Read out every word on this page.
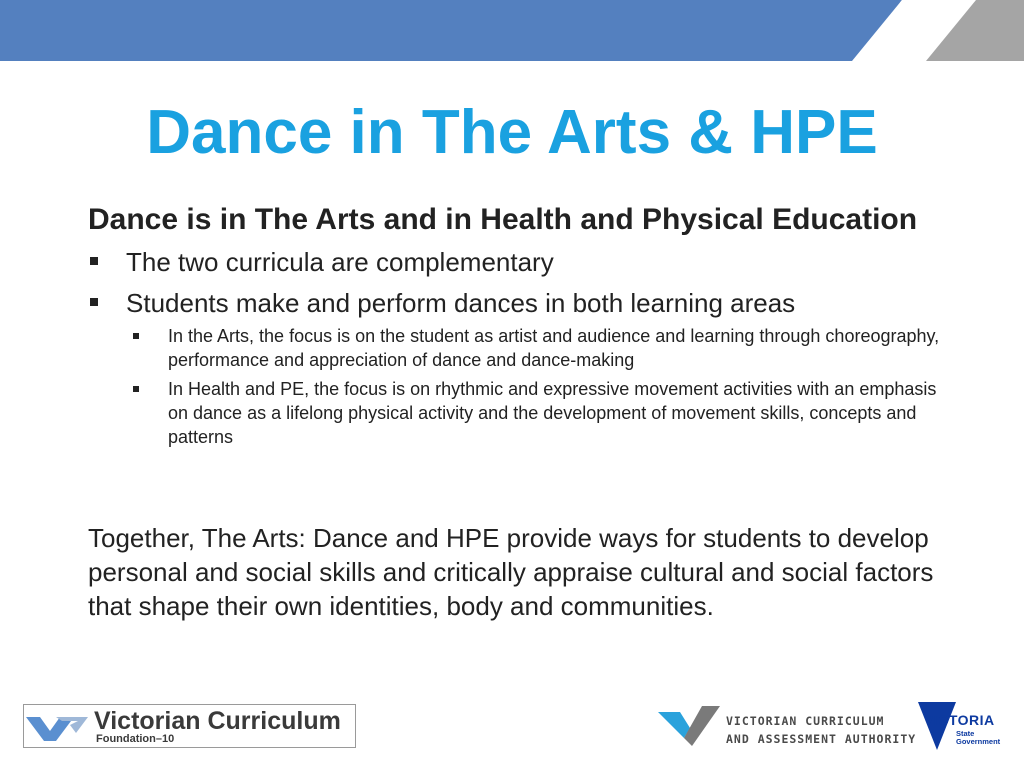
Dance in The Arts & HPE

Dance is in The Arts and in Health and Physical Education

The two curricula are complementary
Students make and perform dances in both learning areas
In the Arts, the focus is on the student as artist and audience and learning through choreography, performance and appreciation of dance and dance-making
In Health and PE, the focus is on rhythmic and expressive movement activities with an emphasis on dance as a lifelong physical activity and the development of movement skills, concepts and patterns
Together, The Arts: Dance and HPE provide ways for students to develop personal and social skills and critically appraise cultural and social factors that shape their own identities, body and communities.
Victorian Curriculum
Foundation–10
VICTORIAN CURRICULUM
AND ASSESSMENT AUTHORITY
VICTORIA
State
Government
